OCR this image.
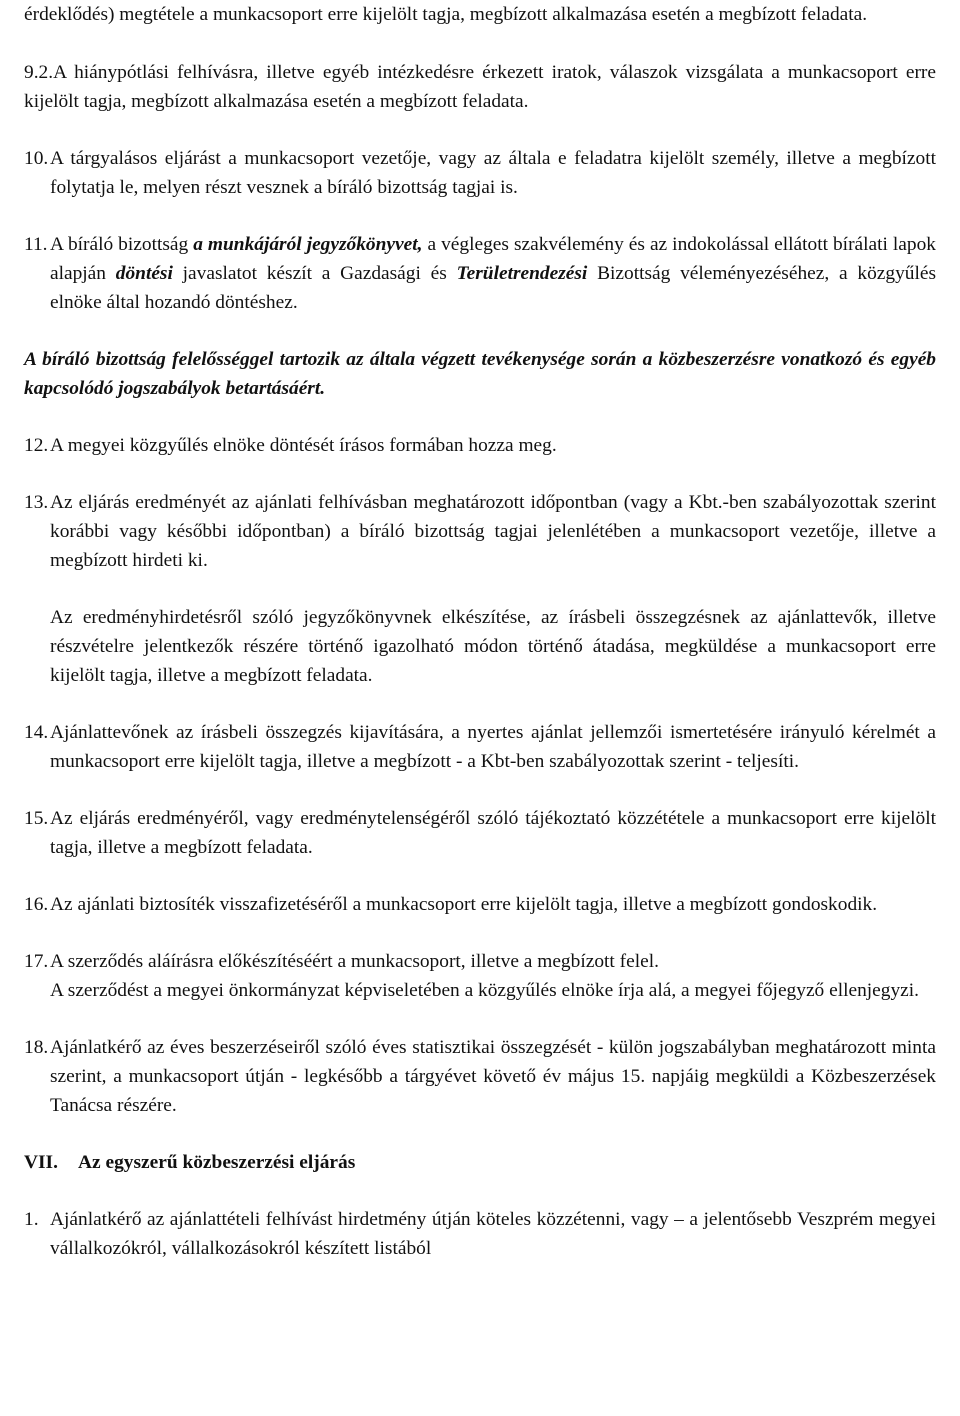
érdeklődés) megtétele a munkacsoport erre kijelölt tagja, megbízott alkalmazása esetén a megbízott feladata.

9.2.A hiánypótlási felhívásra, illetve egyéb intézkedésre érkezett iratok, válaszok vizsgálata a munkacsoport erre kijelölt tagja, megbízott alkalmazása esetén a megbízott feladata.

10.A tárgyalásos eljárást a munkacsoport vezetője, vagy az általa e feladatra kijelölt személy, illetve a megbízott folytatja le, melyen részt vesznek a bíráló bizottság tagjai is.

11. A bíráló bizottság a munkájáról jegyzőkönyvet, a végleges szakvélemény és az indokolással ellátott bírálati lapok alapján döntési javaslatot készít a Gazdasági és Területrendezési Bizottság véleményezéséhez, a közgyűlés elnöke által hozandó döntéshez.

A bíráló bizottság felelősséggel tartozik az általa végzett tevékenysége során a közbeszerzésre vonatkozó és egyéb kapcsolódó jogszabályok betartásáért.

12.A megyei közgyűlés elnöke döntését írásos formában hozza meg.

13.Az eljárás eredményét az ajánlati felhívásban meghatározott időpontban (vagy a Kbt.-ben szabályozottak szerint korábbi vagy későbbi időpontban) a bíráló bizottság tagjai jelenlétében a munkacsoport vezetője, illetve a megbízott hirdeti ki.

Az eredményhirdetésről szóló jegyzőkönyvnek elkészítése, az írásbeli összegzésnek az ajánlattevők, illetve részvételre jelentkezők részére történő igazolható módon történő átadása, megküldése a munkacsoport erre kijelölt tagja, illetve a megbízott feladata.

14.Ajánlattevőnek az írásbeli összegzés kijavítására, a nyertes ajánlat jellemzői ismertetésére irányuló kérelmét a munkacsoport erre kijelölt tagja, illetve a megbízott - a Kbt-ben szabályozottak szerint - teljesíti.

15.Az eljárás eredményéről, vagy eredménytelenségéről szóló tájékoztató közzététele a munkacsoport erre kijelölt tagja, illetve a megbízott feladata.

16.Az ajánlati biztosíték visszafizetéséről a munkacsoport erre kijelölt tagja, illetve a megbízott gondoskodik.

17.A szerződés aláírásra előkészítéséért a munkacsoport, illetve a megbízott felel.

A szerződést a megyei önkormányzat képviseletében a közgyűlés elnöke írja alá, a megyei főjegyző ellenjegyzi.

18.Ajánlatkérő az éves beszerzéseiről szóló éves statisztikai összegzését - külön jogszabályban meghatározott minta szerint, a munkacsoport útján - legkésőbb a tárgyévet követő év május 15. napjáig megküldi a Közbeszerzések Tanácsa részére.

VII.	Az egyszerű közbeszerzési eljárás

1. Ajánlatkérő az ajánlattételi felhívást hirdetmény útján köteles közzétenni, vagy – a jelentősebb Veszprém megyei vállalkozókról, vállalkozásokról készített listából
